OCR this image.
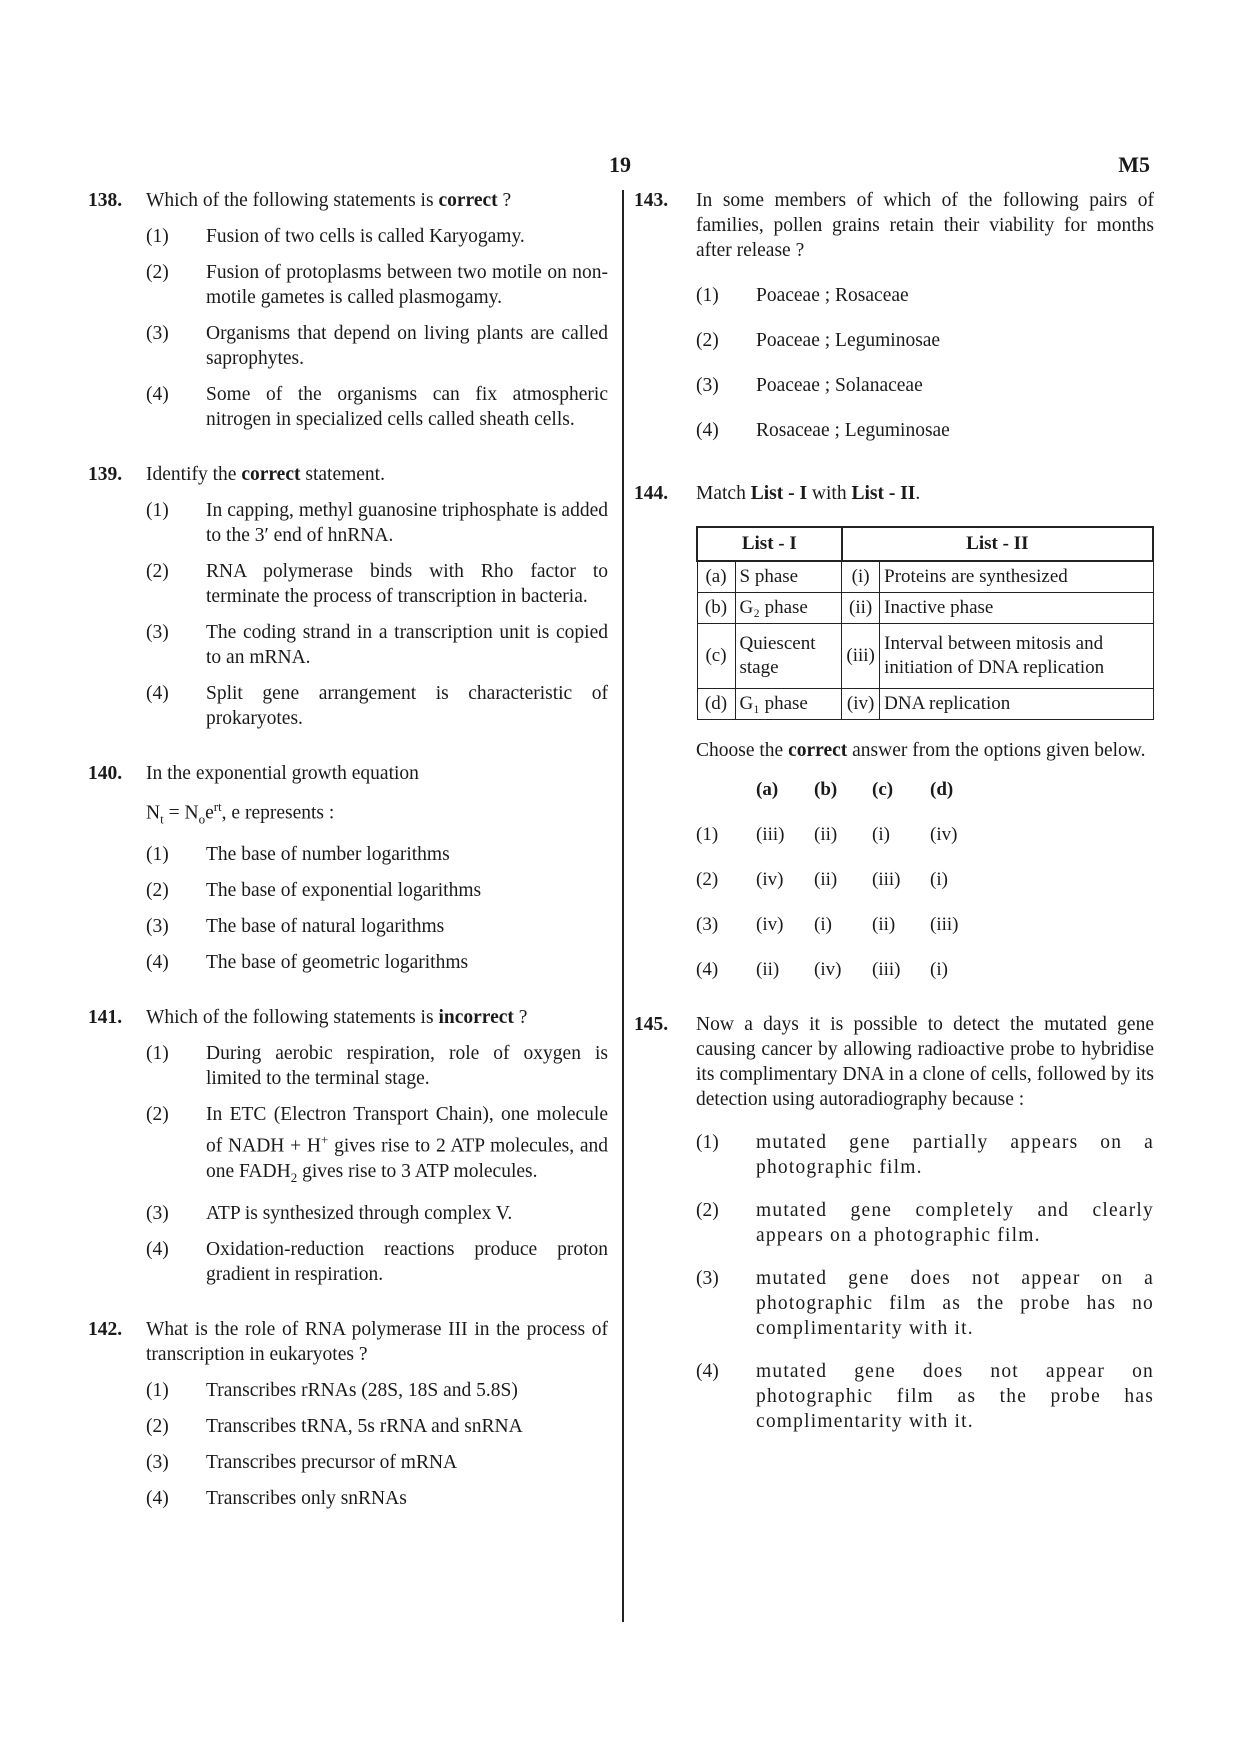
19	M5
138.	Which of the following statements is correct ?
(1)	Fusion of two cells is called Karyogamy.
(2)	Fusion of protoplasms between two motile on non-motile gametes is called plasmogamy.
(3)	Organisms that depend on living plants are called saprophytes.
(4)	Some of the organisms can fix atmospheric nitrogen in specialized cells called sheath cells.
139.	Identify the correct statement.
(1)	In capping, methyl guanosine triphosphate is added to the 3′ end of hnRNA.
(2)	RNA polymerase binds with Rho factor to terminate the process of transcription in bacteria.
(3)	The coding strand in a transcription unit is copied to an mRNA.
(4)	Split gene arrangement is characteristic of prokaryotes.
140.	In the exponential growth equation
$N_t = N_oe^{rt}$, e represents :
(1)	The base of number logarithms
(2)	The base of exponential logarithms
(3)	The base of natural logarithms
(4)	The base of geometric logarithms
141.	Which of the following statements is incorrect ?
(1)	During aerobic respiration, role of oxygen is limited to the terminal stage.
(2)	In ETC (Electron Transport Chain), one molecule of NADH + H+ gives rise to 2 ATP molecules, and one $FADH_2$ gives rise to 3 ATP molecules.
(3)	ATP is synthesized through complex V.
(4)	Oxidation-reduction reactions produce proton gradient in respiration.
142.	What is the role of RNA polymerase III in the process of transcription in eukaryotes ?
(1)	Transcribes rRNAs (28S, 18S and 5.8S)
(2)	Transcribes tRNA, 5s rRNA and snRNA
(3)	Transcribes precursor of mRNA
(4)	Transcribes only snRNAs
143.	In some members of which of the following pairs of families, pollen grains retain their viability for months after release ?
(1)	Poaceae ; Rosaceae
(2)	Poaceae ; Leguminosae
(3)	Poaceae ; Solanaceae
(4)	Rosaceae ; Leguminosae
144.	Match List - I with List - II.
List - I		List - II	
(a)	S phase	(i)	Proteins are synthesized
(b)	G₂ phase	(ii)	Inactive phase
(c)	Quiescent stage	(iii)	Interval between mitosis and initiation of DNA replication
(d)	G₁ phase	(iv)	DNA replication
Choose the correct answer from the options given below.
	(a)	(b)	(c)	(d)
(1)	(iii)	(ii)	(i)	(iv)
(2)	(iv)	(ii)	(iii)	(i)
(3)	(iv)	(i)	(ii)	(iii)
(4)	(ii)	(iv)	(iii)	(i)
145.	Now a days it is possible to detect the mutated gene causing cancer by allowing radioactive probe to hybridise its complimentary DNA in a clone of cells, followed by its detection using autoradiography because :
(1)	mutated gene partially appears on a photographic film.
(2)	mutated gene completely and clearly appears on a photographic film.
(3)	mutated gene does not appear on a photographic film as the probe has no complimentarity with it.
(4)	mutated gene does not appear on photographic film as the probe has complimentarity with it.
